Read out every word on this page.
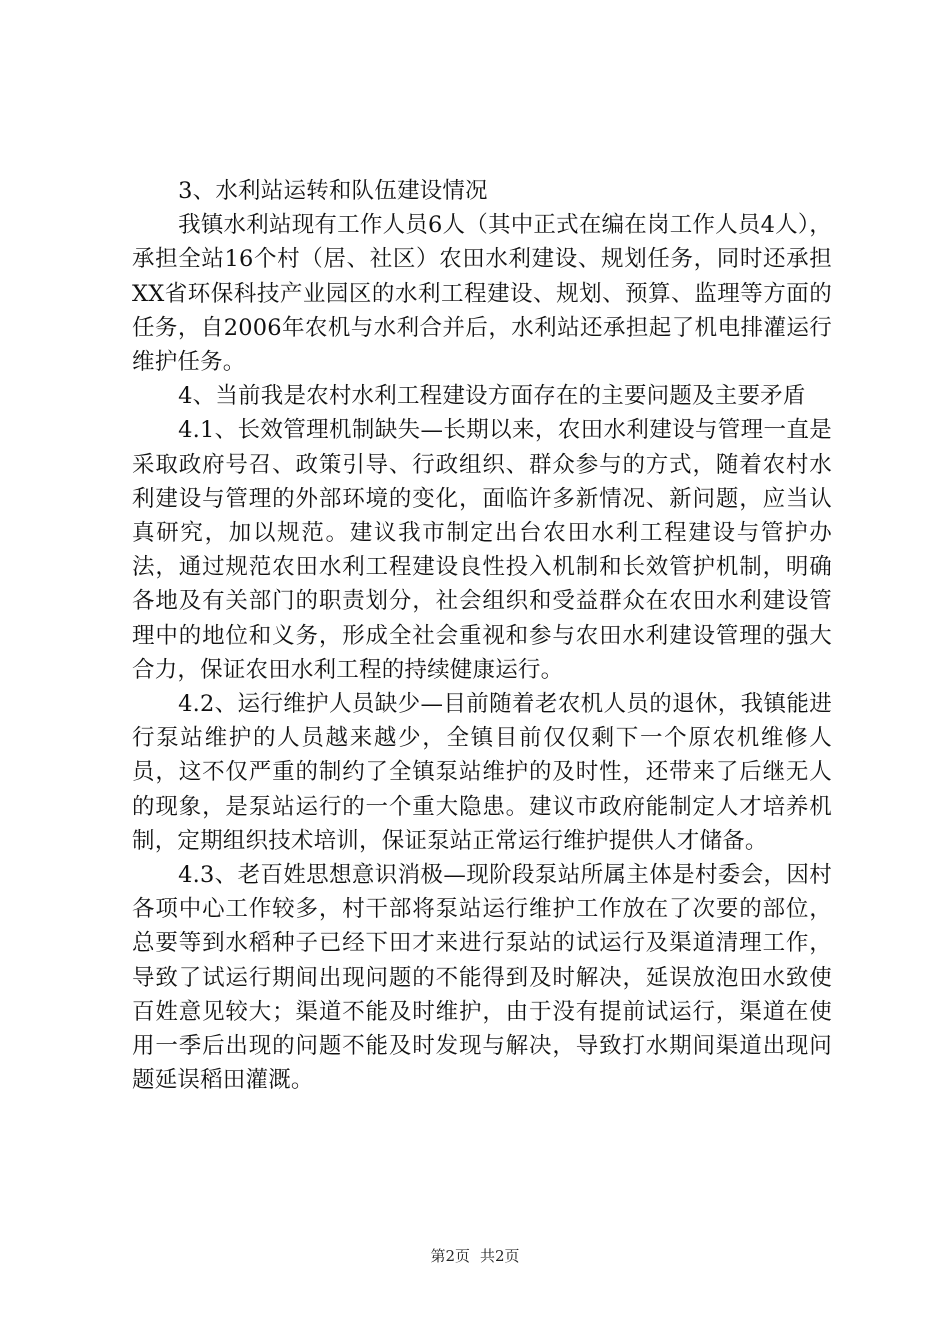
3、水利站运转和队伍建设情况

我镇水利站现有工作人员6人（其中正式在编在岗工作人员4人），承担全站16个村（居、社区）农田水利建设、规划任务，同时还承担XX省环保科技产业园区的水利工程建设、规划、预算、监理等方面的任务，自2006年农机与水利合并后，水利站还承担起了机电排灌运行维护任务。

4、当前我是农村水利工程建设方面存在的主要问题及主要矛盾

4.1、长效管理机制缺失—长期以来，农田水利建设与管理一直是采取政府号召、政策引导、行政组织、群众参与的方式，随着农村水利建设与管理的外部环境的变化，面临许多新情况、新问题，应当认真研究，加以规范。建议我市制定出台农田水利工程建设与管护办法，通过规范农田水利工程建设良性投入机制和长效管护机制，明确各地及有关部门的职责划分，社会组织和受益群众在农田水利建设管理中的地位和义务，形成全社会重视和参与农田水利建设管理的强大合力，保证农田水利工程的持续健康运行。

4.2、运行维护人员缺少—目前随着老农机人员的退休，我镇能进行泵站维护的人员越来越少，全镇目前仅仅剩下一个原农机维修人员，这不仅严重的制约了全镇泵站维护的及时性，还带来了后继无人的现象，是泵站运行的一个重大隐患。建议市政府能制定人才培养机制，定期组织技术培训，保证泵站正常运行维护提供人才储备。

4.3、老百姓思想意识消极—现阶段泵站所属主体是村委会，因村各项中心工作较多，村干部将泵站运行维护工作放在了次要的部位，总要等到水稻种子已经下田才来进行泵站的试运行及渠道清理工作，导致了试运行期间出现问题的不能得到及时解决，延误放泡田水致使百姓意见较大；渠道不能及时维护，由于没有提前试运行，渠道在使用一季后出现的问题不能及时发现与解决，导致打水期间渠道出现问题延误稻田灌溉。

第2页 共2页
